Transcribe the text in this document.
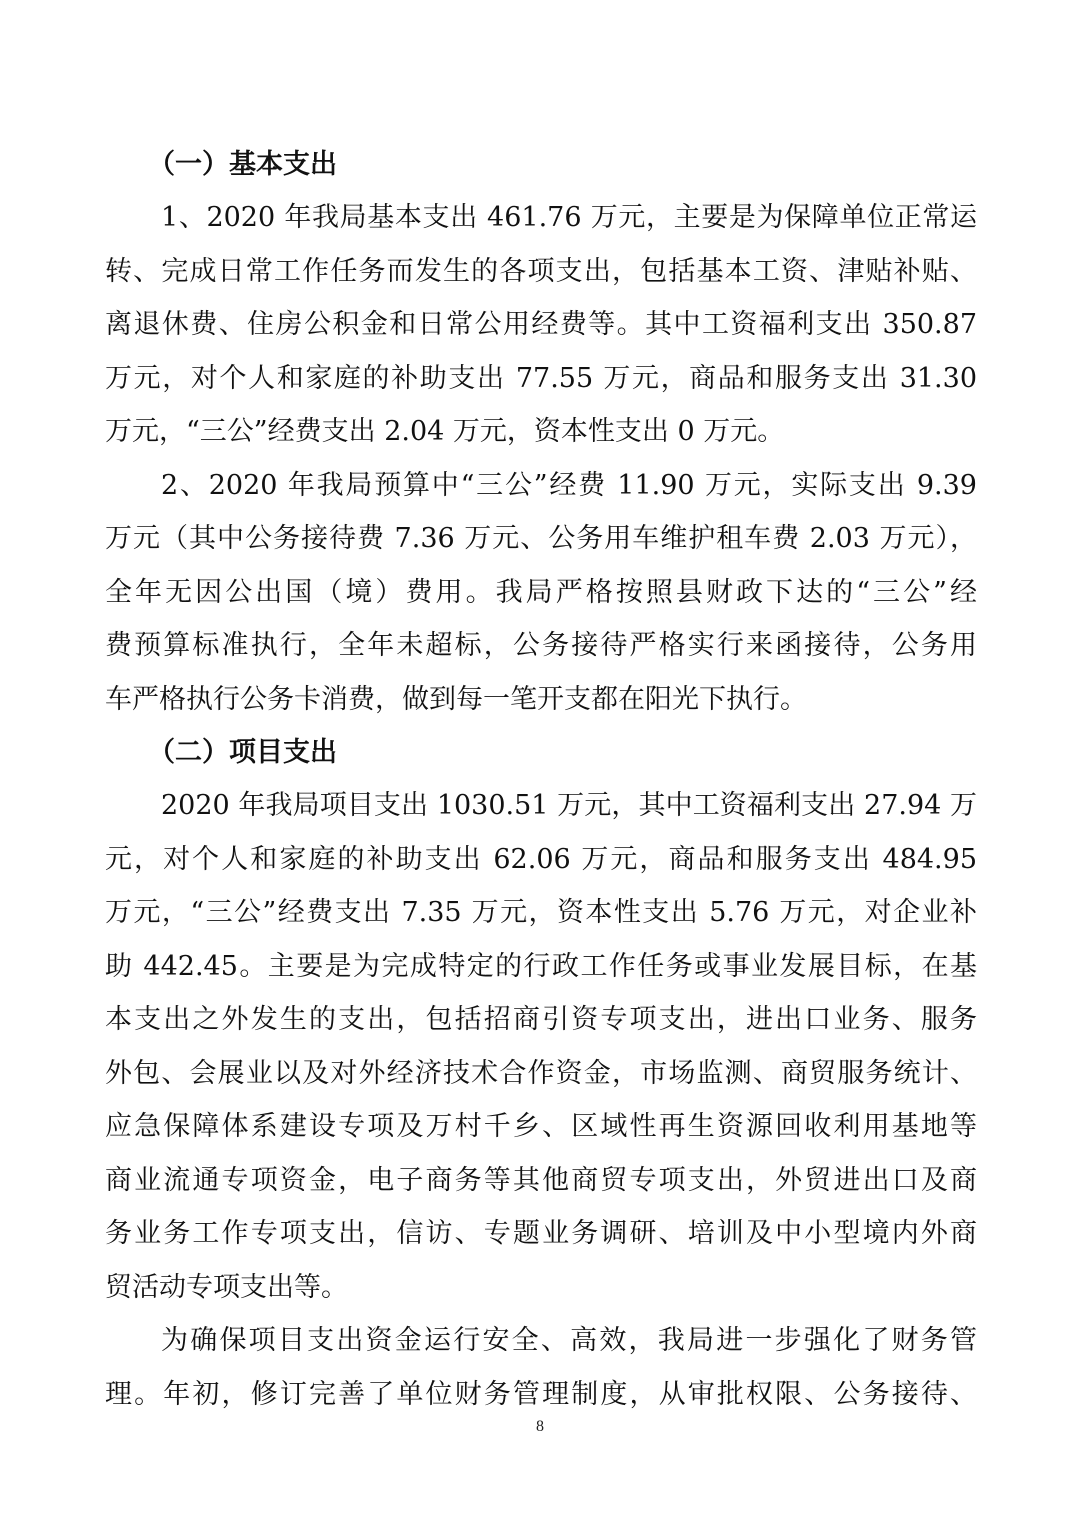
（一）基本支出
1、2020 年我局基本支出 461.76 万元，主要是为保障单位正常运
转、完成日常工作任务而发生的各项支出，包括基本工资、津贴补贴、
离退休费、住房公积金和日常公用经费等。其中工资福利支出 350.87
万元，对个人和家庭的补助支出 77.55 万元，商品和服务支出 31.30
万元，“三公”经费支出 2.04 万元，资本性支出 0 万元。
2、2020 年我局预算中“三公”经费 11.90 万元，实际支出 9.39
万元（其中公务接待费 7.36 万元、公务用车维护租车费 2.03 万元），
全年无因公出国（境）费用。我局严格按照县财政下达的“三公”经
费预算标准执行，全年未超标，公务接待严格实行来函接待，公务用
车严格执行公务卡消费，做到每一笔开支都在阳光下执行。
（二）项目支出
2020 年我局项目支出 1030.51 万元，其中工资福利支出 27.94 万
元，对个人和家庭的补助支出 62.06 万元，商品和服务支出 484.95
万元，“三公”经费支出 7.35 万元，资本性支出 5.76 万元，对企业补
助 442.45。主要是为完成特定的行政工作任务或事业发展目标，在基
本支出之外发生的支出，包括招商引资专项支出，进出口业务、服务
外包、会展业以及对外经济技术合作资金，市场监测、商贸服务统计、
应急保障体系建设专项及万村千乡、区域性再生资源回收利用基地等
商业流通专项资金，电子商务等其他商贸专项支出，外贸进出口及商
务业务工作专项支出，信访、专题业务调研、培训及中小型境内外商
贸活动专项支出等。
为确保项目支出资金运行安全、高效，我局进一步强化了财务管
理。年初，修订完善了单位财务管理制度，从审批权限、公务接待、
8
